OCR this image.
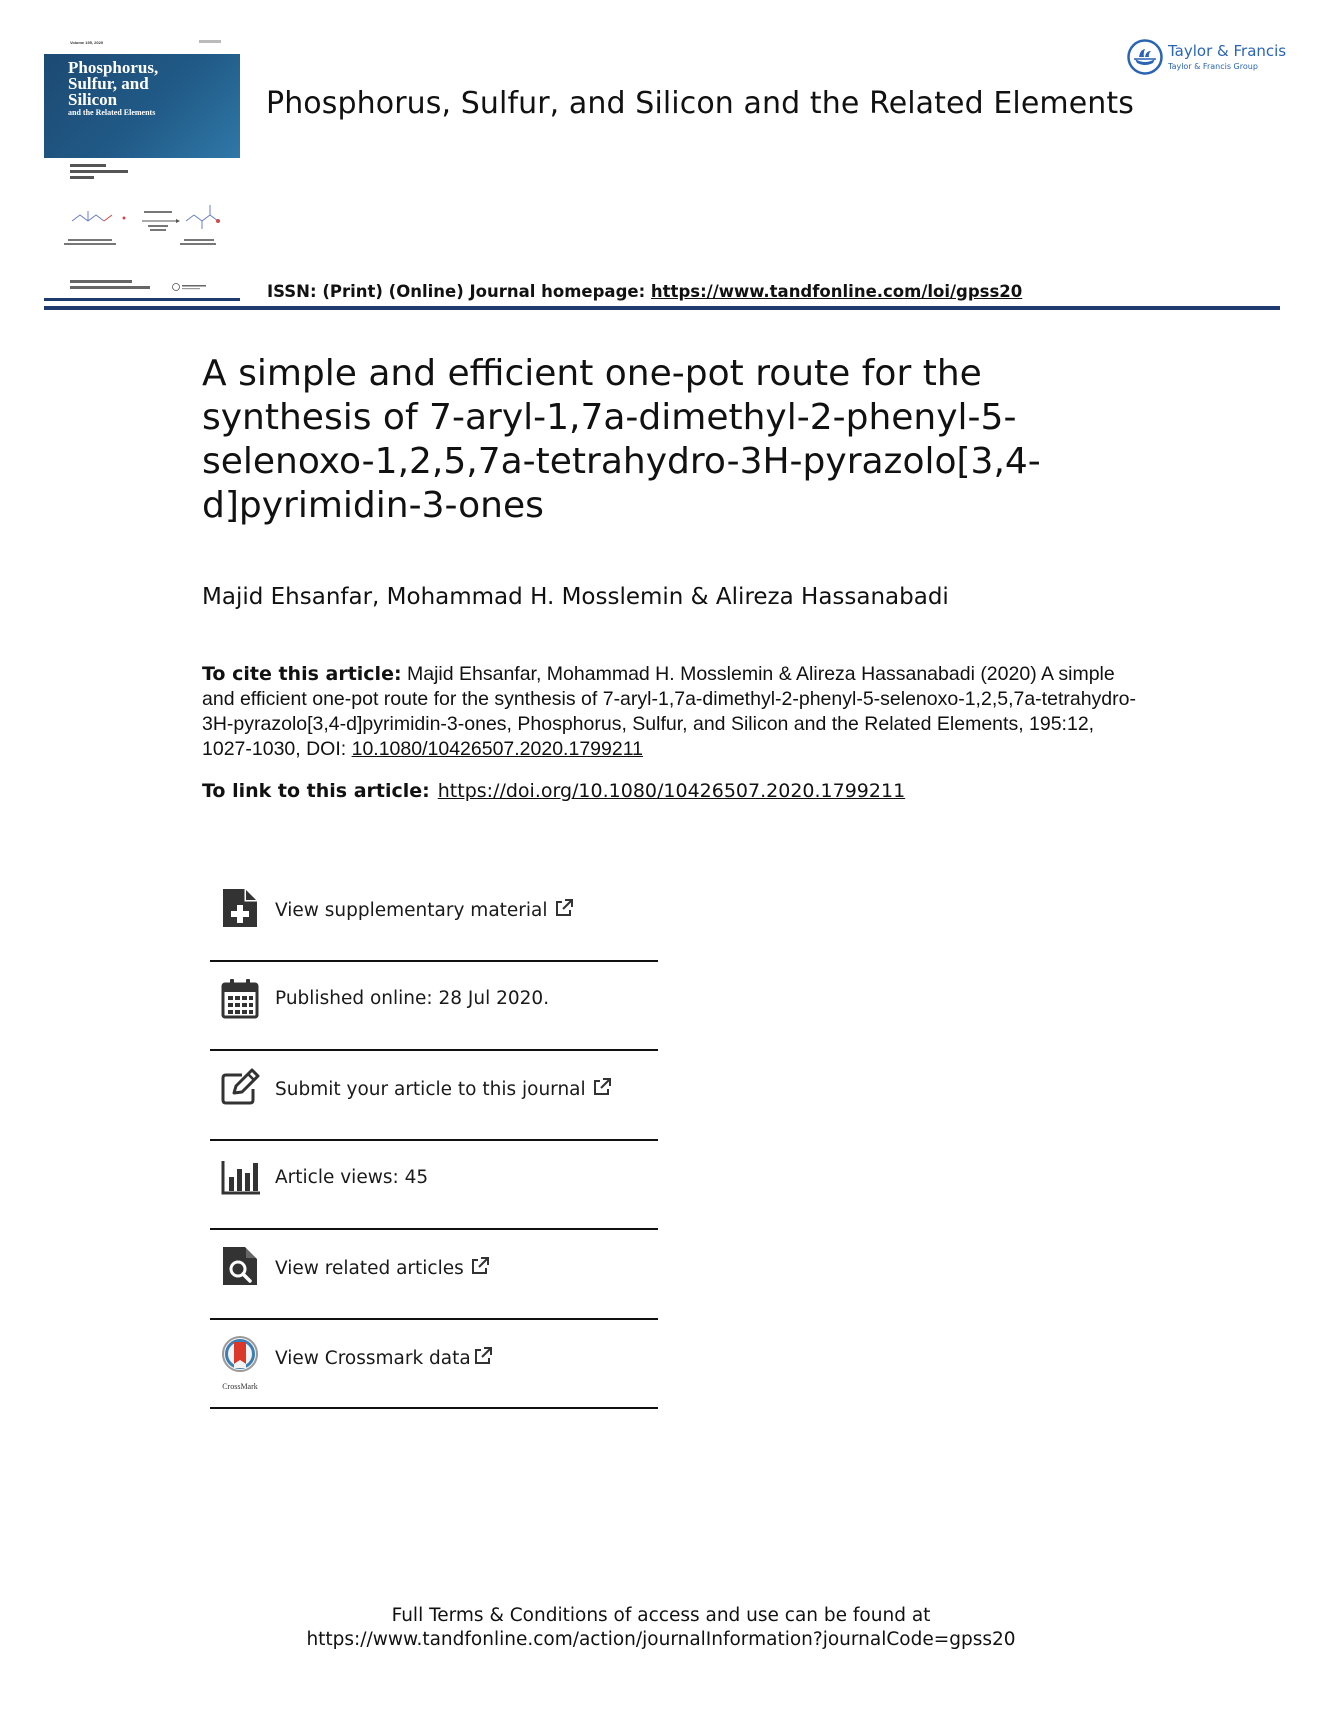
Volume 195, 2020
Phosphorus,
Sulfur, and
Silicon
and the Related Elements	Phosphorus, Sulfur, and Silicon and the Related Elements
Taylor & Francis
Taylor & Francis Group
ISSN: (Print) (Online) Journal homepage: https://www.tandfonline.com/loi/gpss20
A simple and efficient one-pot route for the synthesis of 7-aryl-1,7a-dimethyl-2-phenyl-5-selenoxo-1,2,5,7a-tetrahydro-3H-pyrazolo[3,4-d]pyrimidin-3-ones
Majid Ehsanfar, Mohammad H. Mosslemin & Alireza Hassanabadi

To cite this article: Majid Ehsanfar, Mohammad H. Mosslemin & Alireza Hassanabadi (2020) A simple and efficient one-pot route for the synthesis of 7-aryl-1,7a-dimethyl-2-phenyl-5-selenoxo-1,2,5,7a-tetrahydro-3H-pyrazolo[3,4-d]pyrimidin-3-ones, Phosphorus, Sulfur, and Silicon and the Related Elements, 195:12, 1027-1030, DOI: 10.1080/10426507.2020.1799211

To link to this article: https://doi.org/10.1080/10426507.2020.1799211
View supplementary material
Published online: 28 Jul 2020.
Submit your article to this journal
Article views: 45
View related articles
CrossMark
View Crossmark data
Full Terms & Conditions of access and use can be found at
https://www.tandfonline.com/action/journalInformation?journalCode=gpss20
